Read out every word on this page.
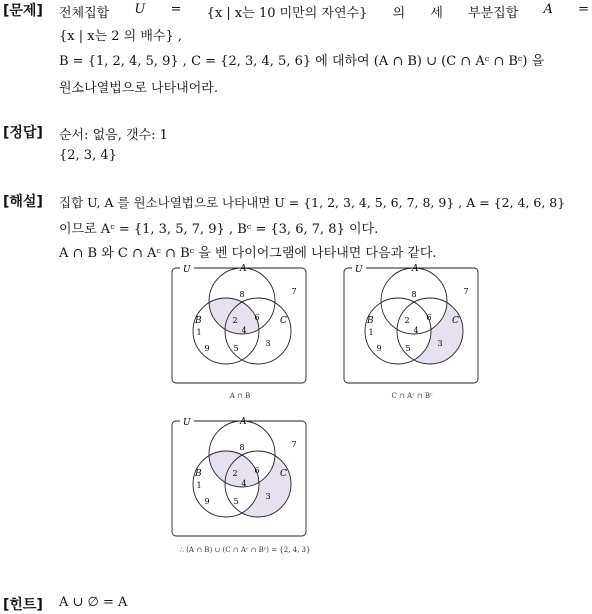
[문제] 전체집합 U = {x | x는 10 미만의 자연수} 의 세 부분집합 A =
{x | x는 2 의 배수} ,
B = {1, 2, 4, 5, 9} , C = {2, 3, 4, 5, 6} 에 대하여 (A ∩ B) ∪ (C ∩ Aᶜ ∩ Bᶜ) 을
원소나열법으로 나타내어라.
[정답] 순서: 없음, 갯수: 1
{2, 3, 4}
[해설] 집합 U, A 를 원소나열법으로 나타내면 U = {1, 2, 3, 4, 5, 6, 7, 8, 9} , A = {2, 4, 6, 8}
이므로 Aᶜ = {1, 3, 5, 7, 9} , Bᶜ = {3, 6, 7, 8} 이다.
A ∩ B 와 C ∩ Aᶜ ∩ Bᶜ 을 벤 다이어그램에 나타내면 다음과 같다.
U	A
B	C
8	7
6
2
4
1
9	5
3
A ∩ B
U	A
B	C
8	7
6
2
4
1
9	5
3
C ∩ Aᶜ ∩ Bᶜ
U	A
B	C
8	7
6
2
4
1
9	5
3
∴ (A ∩ B) ∪ (C ∩ Aᶜ ∩ Bᶜ) = {2, 4, 3}
[힌트] A ∪ ∅ = A
